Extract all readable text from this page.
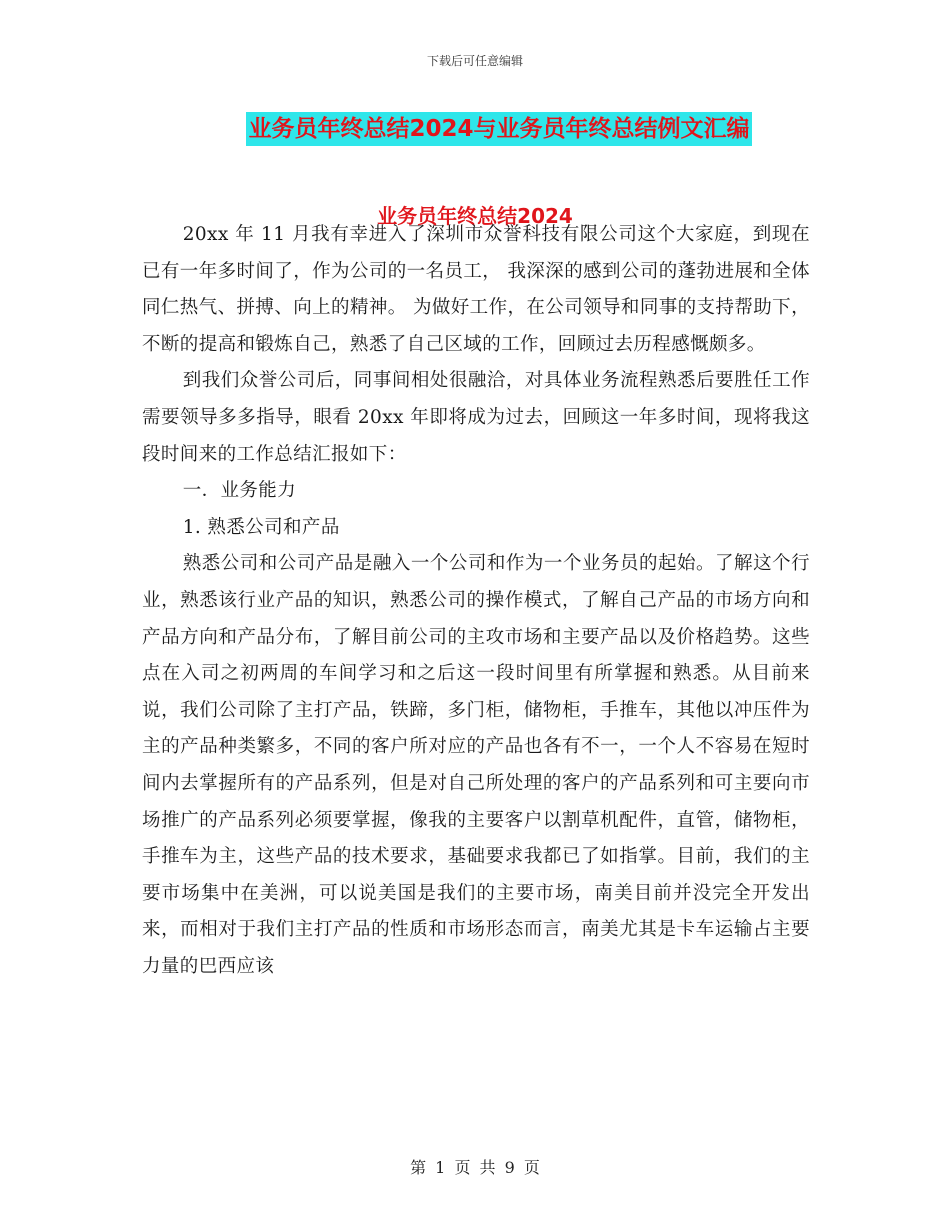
下载后可任意编辑
业务员年终总结2024与业务员年终总结例文汇编
业务员年终总结2024

20xx 年 11 月我有幸进入了深圳市众誉科技有限公司这个大家庭，到现在已有一年多时间了，作为公司的一名员工， 我深深的感到公司的蓬勃进展和全体同仁热气、拼搏、向上的精神。 为做好工作，在公司领导和同事的支持帮助下，不断的提高和锻炼自己，熟悉了自己区域的工作，回顾过去历程感慨颇多。

到我们众誉公司后，同事间相处很融洽，对具体业务流程熟悉后要胜任工作需要领导多多指导，眼看 20xx 年即将成为过去，回顾这一年多时间，现将我这段时间来的工作总结汇报如下：

一．业务能力

1. 熟悉公司和产品

熟悉公司和公司产品是融入一个公司和作为一个业务员的起始。了解这个行业，熟悉该行业产品的知识，熟悉公司的操作模式，了解自己产品的市场方向和产品方向和产品分布，了解目前公司的主攻市场和主要产品以及价格趋势。这些点在入司之初两周的车间学习和之后这一段时间里有所掌握和熟悉。从目前来说，我们公司除了主打产品，铁蹄，多门柜，储物柜，手推车，其他以冲压件为主的产品种类繁多，不同的客户所对应的产品也各有不一，一个人不容易在短时间内去掌握所有的产品系列，但是对自己所处理的客户的产品系列和可主要向市场推广的产品系列必须要掌握，像我的主要客户以割草机配件，直管，储物柜，手推车为主，这些产品的技术要求，基础要求我都已了如指掌。目前，我们的主要市场集中在美洲，可以说美国是我们的主要市场，南美目前并没完全开发出来，而相对于我们主打产品的性质和市场形态而言，南美尤其是卡车运输占主要力量的巴西应该

第 1 页 共 9 页
